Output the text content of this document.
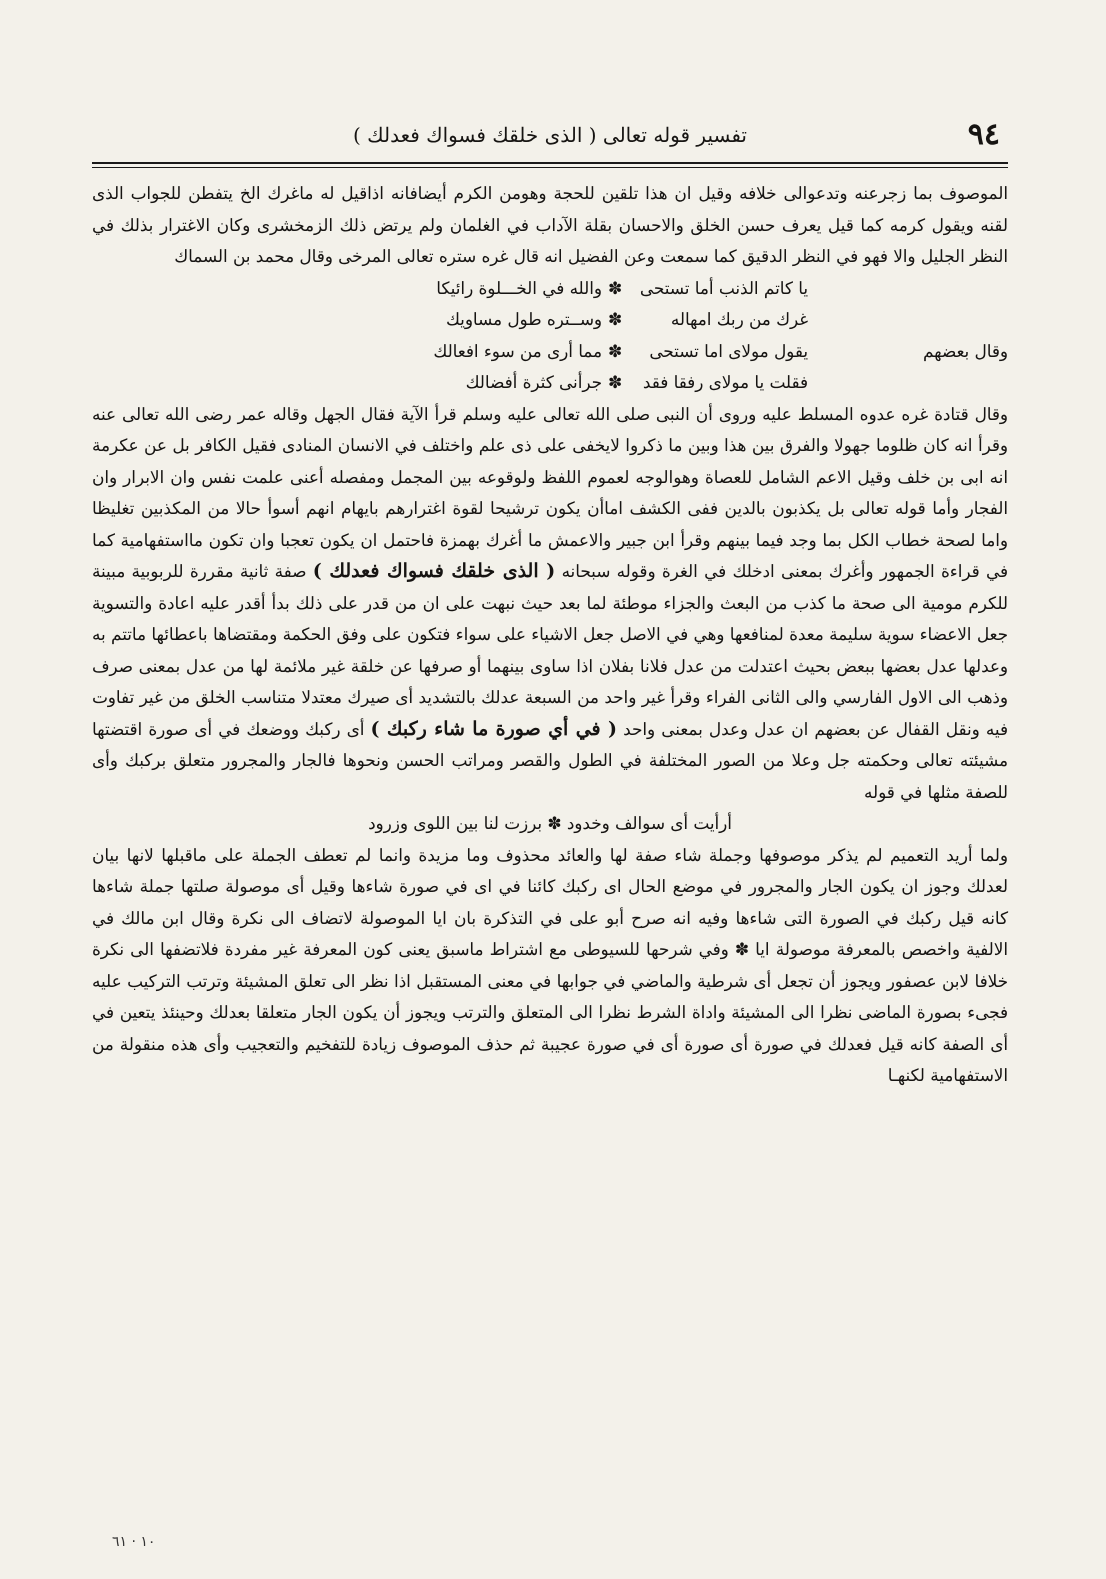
٩٤
تفسير قوله تعالى ( الذى خلقك فسواك فعدلك )

الموصوف بما زجرعنه وتدعوالى خلافه وقيل ان هذا تلقين للحجة وهومن الكرم أيضافانه اذاقيل له ماغرك الخ يتفطن للجواب الذى لقنه ويقول كرمه كما قيل يعرف حسن الخلق والاحسان بقلة الآداب في الغلمان ولم يرتض ذلك الزمخشرى وكان الاغترار بذلك في النظر الجليل والا فهو في النظر الدقيق كما سمعت وعن الفضيل انه قال غره ستره تعالى المرخى وقال محمد بن السماك

يا كاتم الذنب أما تستحى
✽
والله في الخـــلوة رائيكا
غرك من ربك امهاله
✽
وســتره طول مساويك
وقال بعضهم
يقول مولاى اما تستحى
✽
مما أرى من سوء افعالك
فقلت يا مولاى رفقا فقد
✽
جرأنى كثرة أفضالك

وقال قتادة غره عدوه المسلط عليه وروى أن النبى صلى الله تعالى عليه وسلم قرأ الآية فقال الجهل وقاله عمر رضى الله تعالى عنه وقرأ انه كان ظلوما جهولا والفرق بين هذا وبين ما ذكروا لايخفى على ذى علم واختلف في الانسان المنادى فقيل الكافر بل عن عكرمة انه ابى بن خلف وقيل الاعم الشامل للعصاة وهوالوجه لعموم اللفظ ولوقوعه بين المجمل ومفصله أعنى علمت نفس وان الابرار وان الفجار وأما قوله تعالى بل يكذبون بالدين ففى الكشف اماأن يكون ترشيحا لقوة اغترارهم بايهام انهم أسوأ حالا من المكذبين تغليظا واما لصحة خطاب الكل بما وجد فيما بينهم وقرأ ابن جبير والاعمش ما أغرك بهمزة فاحتمل ان يكون تعجبا وان تكون مااستفهامية كما في قراءة الجمهور وأغرك بمعنى ادخلك في الغرة وقوله سبحانه ( الذى خلقك فسواك فعدلك ) صفة ثانية مقررة للربوبية مبينة للكرم مومية الى صحة ما كذب من البعث والجزاء موطئة لما بعد حيث نبهت على ان من قدر على ذلك بدأ أقدر عليه اعادة والتسوية جعل الاعضاء سوية سليمة معدة لمنافعها وهي في الاصل جعل الاشياء على سواء فتكون على وفق الحكمة ومقتضاها باعطائها ماتتم به وعدلها عدل بعضها ببعض بحيث اعتدلت من عدل فلانا بفلان اذا ساوى بينهما أو صرفها عن خلقة غير ملائمة لها من عدل بمعنى صرف وذهب الى الاول الفارسي والى الثانى الفراء وقرأ غير واحد من السبعة عدلك بالتشديد أى صيرك معتدلا متناسب الخلق من غير تفاوت فيه ونقل القفال عن بعضهم ان عدل وعدل بمعنى واحد ( في أي صورة ما شاء ركبك ) أى ركبك ووضعك في أى صورة اقتضتها مشيئته تعالى وحكمته جل وعلا من الصور المختلفة في الطول والقصر ومراتب الحسن ونحوها فالجار والمجرور متعلق بركبك وأى للصفة مثلها في قوله

أرأيت أى سوالف وخدود ✽ برزت لنا بين اللوى وزرود

ولما أريد التعميم لم يذكر موصوفها وجملة شاء صفة لها والعائد محذوف وما مزيدة وانما لم تعطف الجملة على ماقبلها لانها بيان لعدلك وجوز ان يكون الجار والمجرور في موضع الحال اى ركبك كائنا في اى في صورة شاءها وقيل أى موصولة صلتها جملة شاءها كانه قيل ركبك في الصورة التى شاءها وفيه انه صرح أبو على في التذكرة بان ايا الموصولة لاتضاف الى نكرة وقال ابن مالك في الالفية واخصص بالمعرفة موصولة ايا ✽ وفي شرحها للسيوطى مع اشتراط ماسبق يعنى كون المعرفة غير مفردة فلاتضفها الى نكرة خلافا لابن عصفور ويجوز أن تجعل أى شرطية والماضي في جوابها في معنى المستقبل اذا نظر الى تعلق المشيئة وترتب التركيب عليه فجىء بصورة الماضى نظرا الى المشيئة واداة الشرط نظرا الى المتعلق والترتب ويجوز أن يكون الجار متعلقا بعدلك وحينئذ يتعين في أى الصفة كانه قيل فعدلك في صورة أى صورة أى في صورة عجيبة ثم حذف الموصوف زيادة للتفخيم والتعجيب وأى هذه منقولة من الاستفهامية لكنهـا

١٠ · ٦١
